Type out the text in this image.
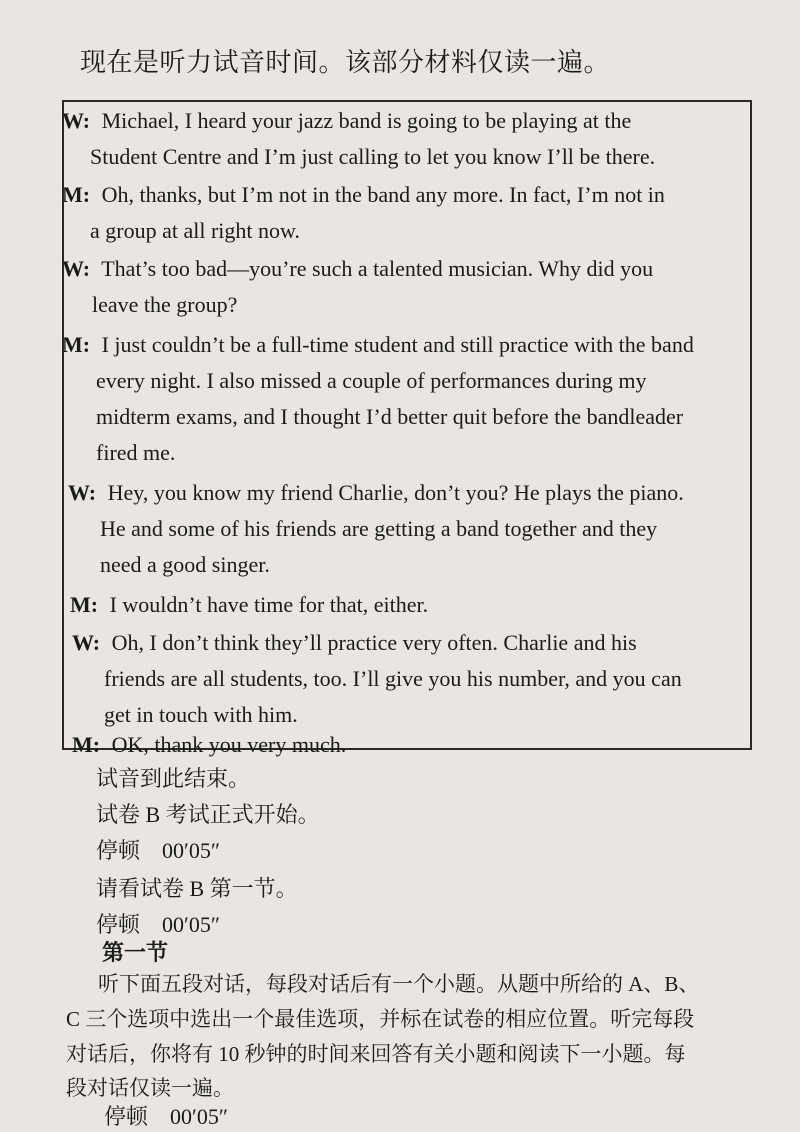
现在是听力试音时间。该部分材料仅读一遍。
W: Michael, I heard your jazz band is going to be playing at the
Student Centre and I’m just calling to let you know I’ll be there.
M: Oh, thanks, but I’m not in the band any more. In fact, I’m not in
a group at all right now.
W: That’s too bad—you’re such a talented musician. Why did you
leave the group?
M: I just couldn’t be a full-time student and still practice with the band
every night. I also missed a couple of performances during my
midterm exams, and I thought I’d better quit before the bandleader
fired me.
W: Hey, you know my friend Charlie, don’t you? He plays the piano.
He and some of his friends are getting a band together and they
need a good singer.
M: I wouldn’t have time for that, either.
W: Oh, I don’t think they’ll practice very often. Charlie and his
friends are all students, too. I’ll give you his number, and you can
get in touch with him.
M: OK, thank you very much.
试音到此结束。
试卷 B 考试正式开始。
停顿　00′05″
请看试卷 B 第一节。
停顿　00′05″
第一节
听下面五段对话，每段对话后有一个小题。从题中所给的 A、B、
C 三个选项中选出一个最佳选项，并标在试卷的相应位置。听完每段
对话后，你将有 10 秒钟的时间来回答有关小题和阅读下一小题。每
段对话仅读一遍。
停顿　00′05″
